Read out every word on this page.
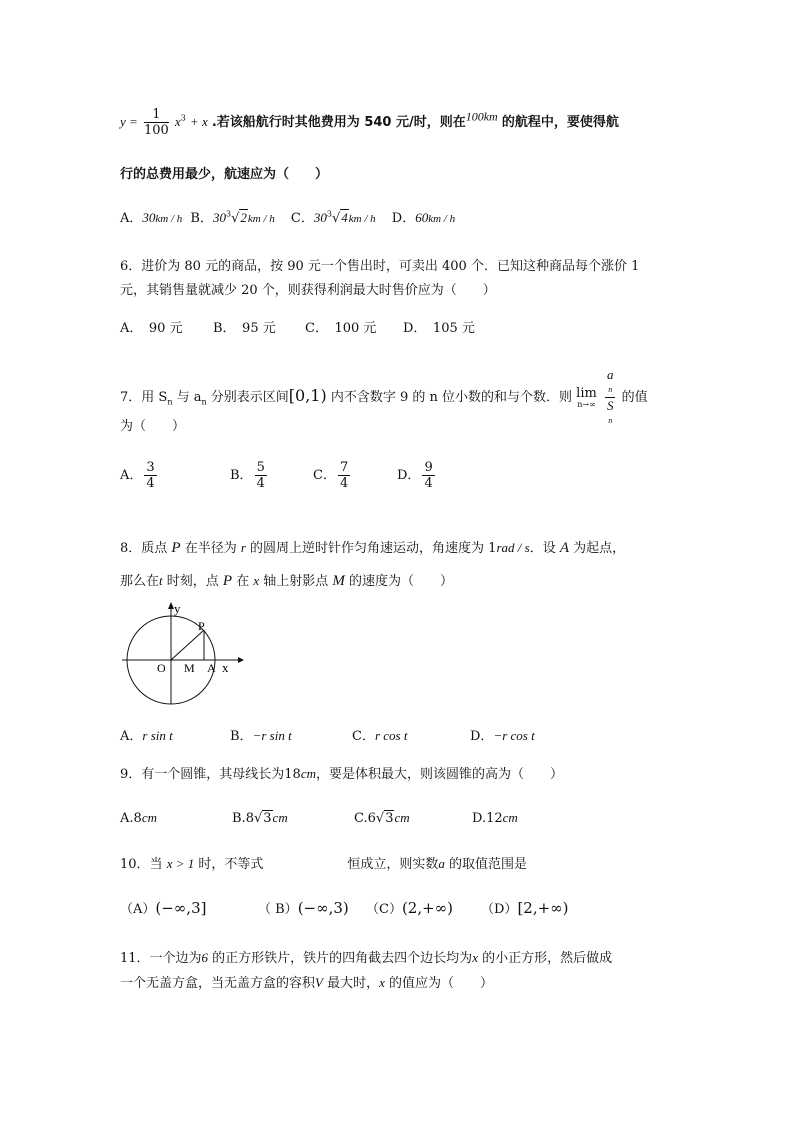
$y = \frac{1}{100} x^3 + x$ .若该船航行时其他费用为 540 元/时，则在100km 的航程中，要使得航
行的总费用最少，航速应为（　　）
A．30km / h B．$30^3√2km$ / h C．$30^3√4km$ / h D．60km / h
6．进价为 80 元的商品，按 90 元一个售出时，可卖出 400 个．已知这种商品每个涨价 1
元，其销售量就减少 20 个，则获得利润最大时售价应为（　　）
A．　90 元 B．　95 元 C．　100 元 D．　105 元
7．用 $S_n$ 与 $a_n$ 分别表示区间[0,1) 内不含数字 9 的 n 位小数的和与个数．则 lim
n→∞
a
n
S
n 的值
为（　　）
A． $\frac{3}{4}$	B． $\frac{5}{4}$	C． $\frac{7}{4}$	D． $\frac{9}{4}$
8．质点 P 在半径为 r 的圆周上逆时针作匀角速运动，角速度为 1rad / s．设 A 为起点，
那么在t 时刻，点 P 在 x 轴上射影点 M 的速度为（　　）
y
x
P
O M A
A．r sin t	B．−r sin t	C．r cos t	D．−r cos t
9．有一个圆锥，其母线长为18cm，要是体积最大，则该圆锥的高为（　　）
A.8cm	B.8√3cm	C.6√3cm	D.12cm
10．当 x > 1 时，不等式	恒成立，则实数a 的取值范围是
（A）(−∞,3]	（ B）(−∞,3) （C）(2,+∞) （D）[2,+∞)
11．一个边为6 的正方形铁片，铁片的四角截去四个边长均为x 的小正方形，然后做成
一个无盖方盒，当无盖方盒的容积V 最大时，x 的值应为（　　）
